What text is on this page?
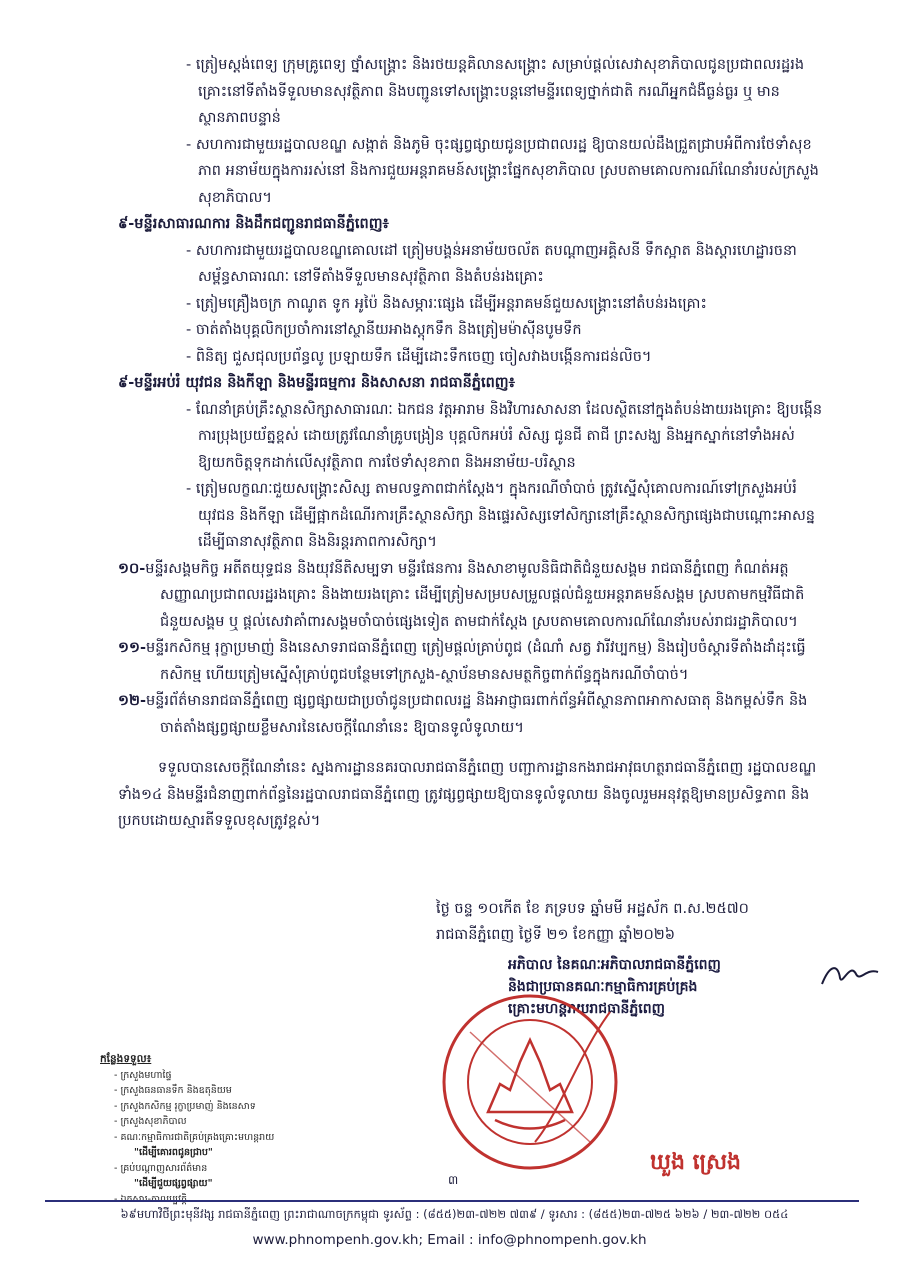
- ត្រៀមស្តង់ពេទ្យ ក្រុមគ្រូពេទ្យ ថ្នាំសង្គ្រោះ និងរថយន្តគិលានសង្គ្រោះ សម្រាប់ផ្តល់សេវាសុខាភិបាលជូនប្រជាពលរដ្ឋរងគ្រោះនៅទីតាំងទីទួលមានសុវត្ថិភាព និងបញ្ជូនទៅសង្គ្រោះបន្តនៅមន្ទីរពេទ្យថ្នាក់ជាតិ ករណីអ្នកជំងឺធ្ងន់ធ្ងរ ឬ មានស្ថានភាពបន្ទាន់

- សហការជាមួយរដ្ឋបាលខណ្ឌ សង្កាត់ និងភូមិ ចុះផ្សព្វផ្សាយជូនប្រជាពលរដ្ឋ ឱ្យបានយល់ដឹងជ្រួតជ្រាបអំពីការថែទាំសុខភាព អនាម័យក្នុងការរស់នៅ និងការជួយអន្តរាគមន៍សង្គ្រោះផ្នែកសុខាភិបាល ស្របតាមគោលការណ៍ណែនាំរបស់ក្រសួងសុខាភិបាល។

៩-មន្ទីរសាធារណការ និងដឹកជញ្ជូនរាជធានីភ្នំពេញ៖

- សហការជាមួយរដ្ឋបាលខណ្ឌគោលដៅ ត្រៀមបង្គន់អនាម័យចល័ត តបណ្តាញអគ្គិសនី ទឹកស្អាត និងស្តារហេដ្ឋារចនាសម្ព័ន្ធសាធារណៈ នៅទីតាំងទីទួលមានសុវត្ថិភាព និងតំបន់រងគ្រោះ

- ត្រៀមគ្រឿងចក្រ កាណូត ទូក អូប៉ៃ និងសម្ភារៈផ្សេង ដើម្បីអន្តរាគមន៍ជួយសង្គ្រោះនៅតំបន់រងគ្រោះ

- ចាត់តាំងបុគ្គលិកប្រចាំការនៅស្ថានីយអាងស្តុកទឹក និងត្រៀមម៉ាស៊ីនបូមទឹក

- ពិនិត្យ ជួសជុលប្រព័ន្ធលូ ប្រឡាយទឹក ដើម្បីដោះទឹកចេញ ចៀសវាងបង្កើនការជន់លិច។

៩-មន្ទីរអប់រំ យុវជន និងកីឡា និងមន្ទីរធម្មការ និងសាសនា រាជធានីភ្នំពេញ៖

- ណែនាំគ្រប់គ្រឹះស្ថានសិក្សាសាធារណៈ ឯកជន វត្តអារាម និងវិហារសាសនា ដែលស្ថិតនៅក្នុងតំបន់ងាយរងគ្រោះ ឱ្យបង្កើនការប្រុងប្រយ័ត្នខ្ពស់ ដោយត្រូវណែនាំគ្រូបង្រៀន បុគ្គលិកអប់រំ សិស្ស ជូនជី តាជី ព្រះសង្ឃ និងអ្នកស្នាក់នៅទាំងអស់ ឱ្យយកចិត្តទុកដាក់លើសុវត្ថិភាព ការថែទាំសុខភាព និងអនាម័យ-បរិស្ថាន

- ត្រៀមលក្ខណៈជួយសង្គ្រោះសិស្ស តាមលទ្ធភាពជាក់ស្តែង។ ក្នុងករណីចាំបាច់ ត្រូវស្នើសុំគោលការណ៍ទៅក្រសួងអប់រំ យុវជន និងកីឡា ដើម្បីផ្អាកដំណើរការគ្រឹះស្ថានសិក្សា និងផ្ទេរសិស្សទៅសិក្សានៅគ្រឹះស្ថានសិក្សាផ្សេងជាបណ្តោះអាសន្ន ដើម្បីធានាសុវត្ថិភាព និងនិរន្តរភាពការសិក្សា។

១០-មន្ទីរសង្គមកិច្ច អតីតយុទ្ធជន និងយុវនីតិសម្បទា មន្ទីរផែនការ និងសាខាមូលនិធិជាតិជំនួយសង្គម រាជធានីភ្នំពេញ កំណត់អត្តសញ្ញាណប្រជាពលរដ្ឋរងគ្រោះ និងងាយរងគ្រោះ ដើម្បីត្រៀមសម្របសម្រួលផ្តល់ជំនួយអន្តរាគមន៍សង្គម ស្របតាមកម្មវិធីជាតិជំនួយសង្គម ឬ ផ្តល់សេវាគាំពារសង្គមចាំបាច់ផ្សេងទៀត តាមជាក់ស្តែង ស្របតាមគោលការណ៍ណែនាំរបស់រាជរដ្ឋាភិបាល។

១១-មន្ទីរកសិកម្ម រុក្ខាប្រមាញ់ និងនេសាទរាជធានីភ្នំពេញ ត្រៀមផ្តល់គ្រាប់ពូជ (ដំណាំ សត្វ វារីវប្បកម្ម) និងរៀបចំស្តារទីតាំងដាំដុះធ្វើកសិកម្ម ហើយត្រៀមស្នើសុំគ្រាប់ពូជបន្ថែមទៅក្រសួង-ស្ថាប័នមានសមត្ថកិច្ចពាក់ព័ន្ធក្នុងករណីចាំបាច់។

១២-មន្ទីរព័ត៌មានរាជធានីភ្នំពេញ ផ្សព្វផ្សាយជាប្រចាំជូនប្រជាពលរដ្ឋ និងអាជ្ញាធរពាក់ព័ន្ធអំពីស្ថានភាពអាកាសធាតុ និងកម្ពស់ទឹក និងចាត់តាំងផ្សព្វផ្សាយខ្លឹមសារនៃសេចក្តីណែនាំនេះ ឱ្យបានទូលំទូលាយ។

ទទួលបានសេចក្តីណែនាំនេះ ស្នងការដ្ឋាននគរបាលរាជធានីភ្នំពេញ បញ្ជាការដ្ឋានកងរាជអាវុធហត្ថរាជធានីភ្នំពេញ រដ្ឋបាលខណ្ឌទាំង១៤ និងមន្ទីរជំនាញពាក់ព័ន្ធនៃរដ្ឋបាលរាជធានីភ្នំពេញ ត្រូវផ្សព្វផ្សាយឱ្យបានទូលំទូលាយ និងចូលរួមអនុវត្តឱ្យមានប្រសិទ្ធភាព និងប្រកបដោយស្មារតីទទួលខុសត្រូវខ្ពស់។

ថ្ងៃ ចន្ទ ១០កើត ខែ ភទ្របទ ឆ្នាំមមី អដ្ឋស័ក ព.ស.២៥៧០
រាជធានីភ្នំពេញ ថ្ងៃទី ២១ ខែកញ្ញា ឆ្នាំ២០២៦
អភិបាល នៃគណៈអភិបាលរាជធានីភ្នំពេញ
និងជាប្រធានគណៈកម្មាធិការគ្រប់គ្រង
គ្រោះមហន្តរាយរាជធានីភ្នំពេញ
ឃួង ស្រេង
កន្លែងទទួល៖
- ក្រសួងមហាផ្ទៃ
- ក្រសួងធនធានទឹក និងឧតុនិយម
- ក្រសួងកសិកម្ម រុក្ខាប្រមាញ់ និងនេសាទ
- ក្រសួងសុខាភិបាល
- គណៈកម្មាធិការជាតិគ្រប់គ្រងគ្រោះមហន្តរាយ
"ដើម្បីគោរពជូនជ្រាប"
- គ្រប់បណ្តាញសារព័ត៌មាន
"ដើម្បីជួយផ្សព្វផ្សាយ"
- ឯកសារ-កាលប្បវត្តិ
៣
៦៩មហាវិថីព្រះមុនីវង្ស រាជធានីភ្នំពេញ ព្រះរាជាណាចក្រកម្ពុជា ទូរស័ព្ទ : (៨៥៥)២៣-៧២២ ៧៣៩ / ទូរសារ : (៨៥៥)២៣-៧២៥ ៦២៦ / ២៣-៧២២ ០៥៤
www.phnompenh.gov.kh; Email : info@phnompenh.gov.kh
